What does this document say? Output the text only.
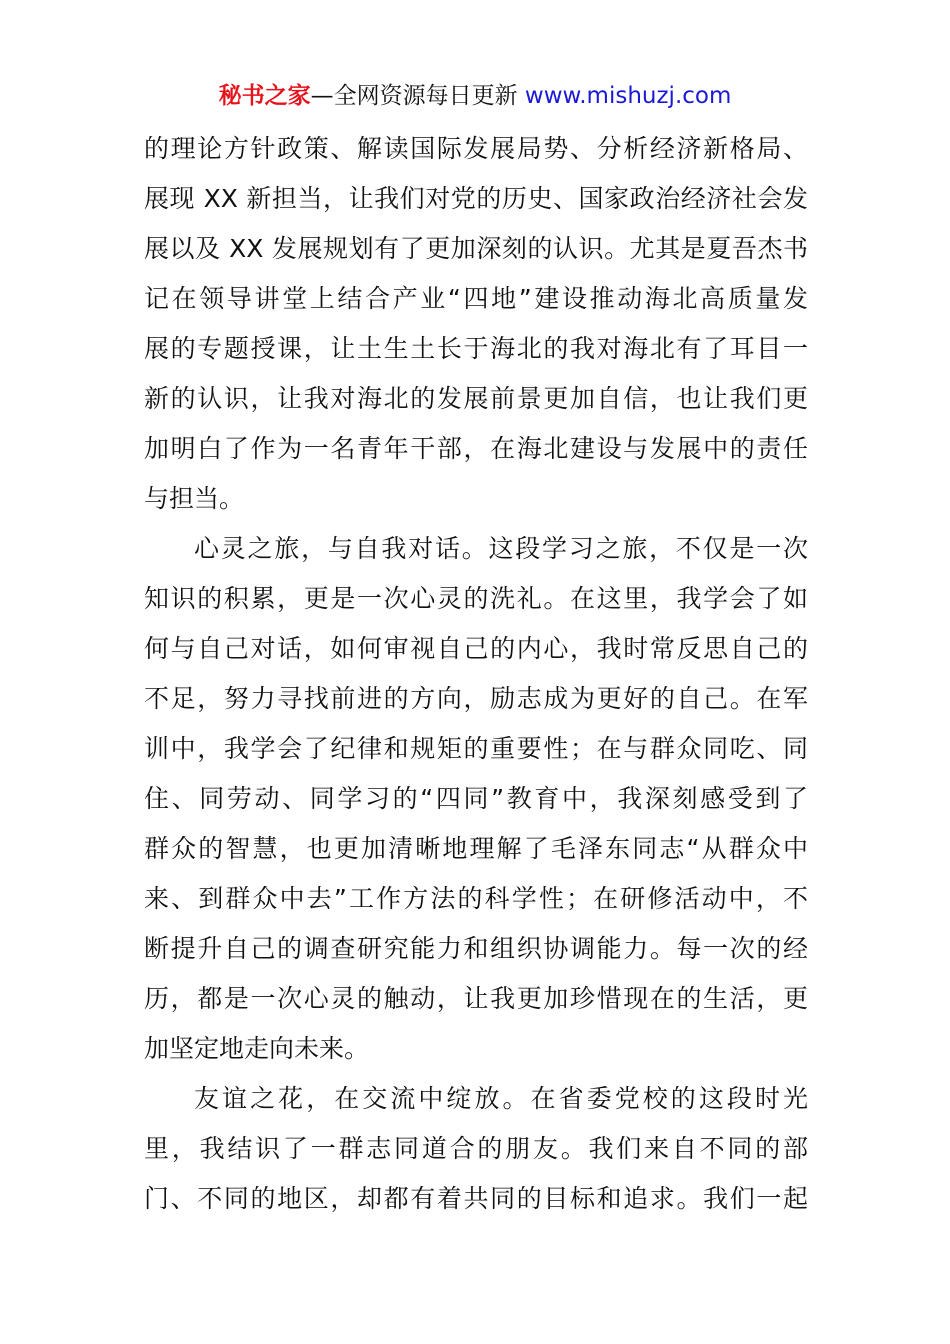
秘书之家—全网资源每日更新 www.mishuzj.com
的理论方针政策、解读国际发展局势、分析经济新格局、
展现 XX 新担当，让我们对党的历史、国家政治经济社会发
展以及 XX 发展规划有了更加深刻的认识。尤其是夏吾杰书
记在领导讲堂上结合产业“四地”建设推动海北高质量发
展的专题授课，让土生土长于海北的我对海北有了耳目一
新的认识，让我对海北的发展前景更加自信，也让我们更
加明白了作为一名青年干部，在海北建设与发展中的责任
与担当。
心灵之旅，与自我对话。这段学习之旅，不仅是一次
知识的积累，更是一次心灵的洗礼。在这里，我学会了如
何与自己对话，如何审视自己的内心，我时常反思自己的
不足，努力寻找前进的方向，励志成为更好的自己。在军
训中，我学会了纪律和规矩的重要性；在与群众同吃、同
住、同劳动、同学习的“四同”教育中，我深刻感受到了
群众的智慧，也更加清晰地理解了毛泽东同志“从群众中
来、到群众中去”工作方法的科学性；在研修活动中，不
断提升自己的调查研究能力和组织协调能力。每一次的经
历，都是一次心灵的触动，让我更加珍惜现在的生活，更
加坚定地走向未来。
友谊之花，在交流中绽放。在省委党校的这段时光
里，我结识了一群志同道合的朋友。我们来自不同的部
门、不同的地区，却都有着共同的目标和追求。我们一起
